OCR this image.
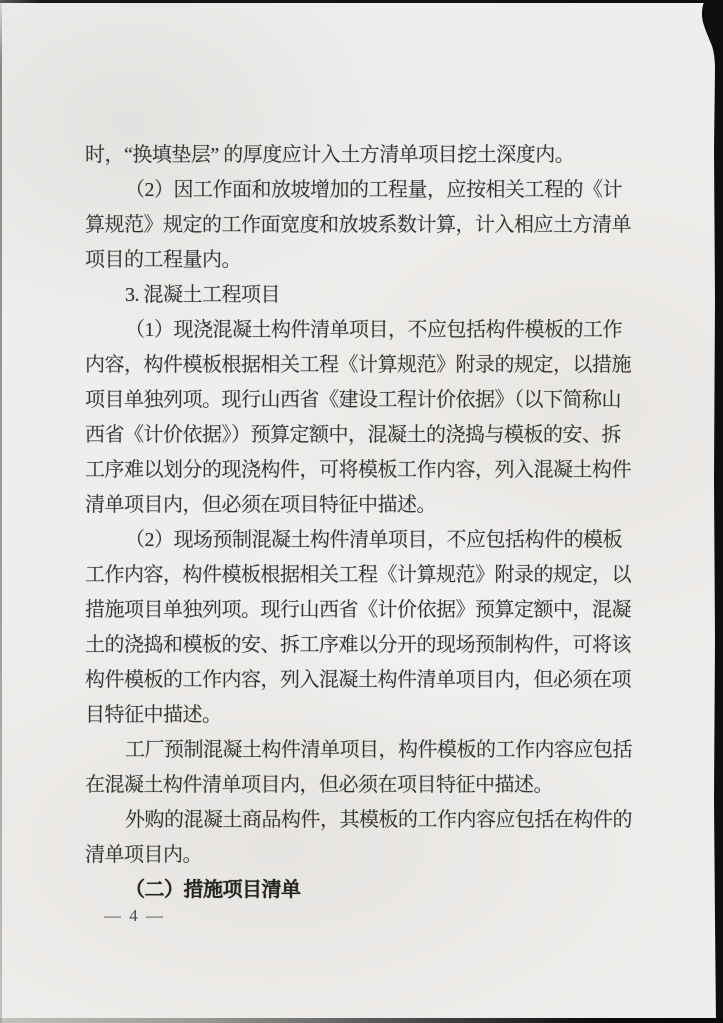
时，“换填垫层” 的厚度应计入土方清单项目挖土深度内。
（2）因工作面和放坡增加的工程量，应按相关工程的《计
算规范》规定的工作面宽度和放坡系数计算，计入相应土方清单
项目的工程量内。
3. 混凝土工程项目
（1）现浇混凝土构件清单项目，不应包括构件模板的工作
内容，构件模板根据相关工程《计算规范》附录的规定，以措施
项目单独列项。现行山西省《建设工程计价依据》（以下简称山
西省《计价依据》）预算定额中，混凝土的浇捣与模板的安、拆
工序难以划分的现浇构件，可将模板工作内容，列入混凝土构件
清单项目内，但必须在项目特征中描述。
（2）现场预制混凝土构件清单项目，不应包括构件的模板
工作内容，构件模板根据相关工程《计算规范》附录的规定，以
措施项目单独列项。现行山西省《计价依据》预算定额中，混凝
土的浇捣和模板的安、拆工序难以分开的现场预制构件，可将该
构件模板的工作内容，列入混凝土构件清单项目内，但必须在项
目特征中描述。
工厂预制混凝土构件清单项目，构件模板的工作内容应包括
在混凝土构件清单项目内，但必须在项目特征中描述。
外购的混凝土商品构件，其模板的工作内容应包括在构件的
清单项目内。
（二）措施项目清单
— 4 —
